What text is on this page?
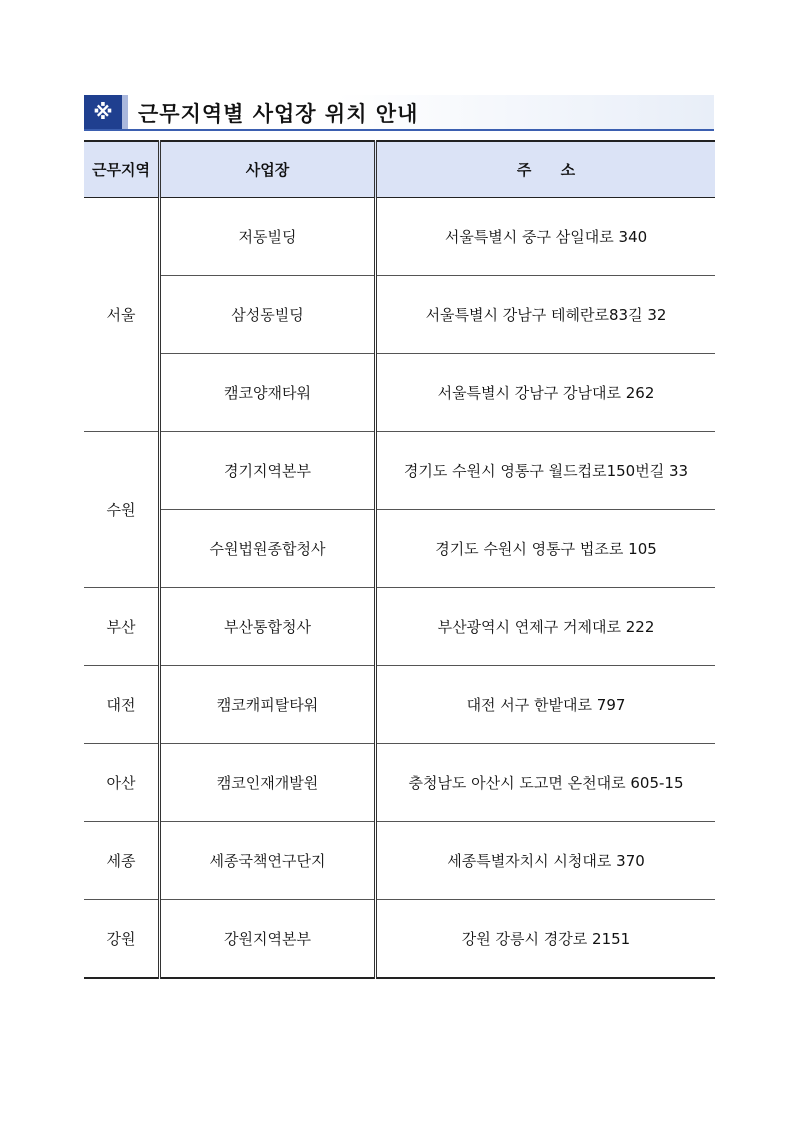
※	근무지역별 사업장 위치 안내
근무지역	사업장	주 소
서울	저동빌딩	서울특별시 중구 삼일대로 340
	삼성동빌딩	서울특별시 강남구 테헤란로83길 32
	캠코양재타워	서울특별시 강남구 강남대로 262
수원	경기지역본부	경기도 수원시 영통구 월드컵로150번길 33
	수원법원종합청사	경기도 수원시 영통구 법조로 105
부산	부산통합청사	부산광역시 연제구 거제대로 222
대전	캠코캐피탈타워	대전 서구 한밭대로 797
아산	캠코인재개발원	충청남도 아산시 도고면 온천대로 605-15
세종	세종국책연구단지	세종특별자치시 시청대로 370
강원	강원지역본부	강원 강릉시 경강로 2151
